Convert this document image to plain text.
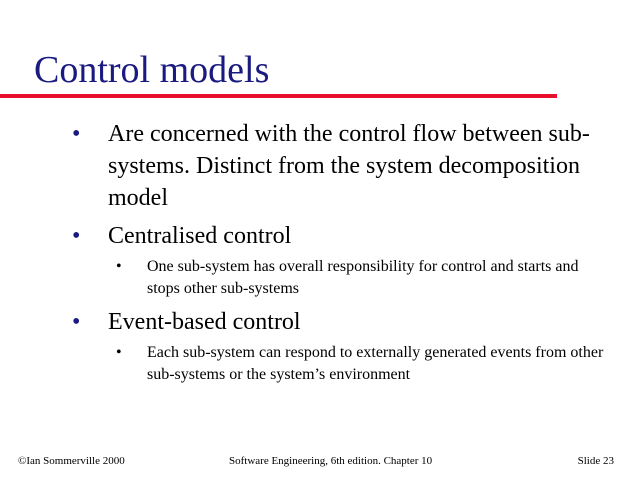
Control models
• Are concerned with the control flow between sub-systems. Distinct from the system decomposition model
• Centralised control
• One sub-system has overall responsibility for control and starts and stops other sub-systems
• Event-based control
• Each sub-system can respond to externally generated events from other sub-systems or the system’s environment
©Ian Sommerville 2000	Software Engineering, 6th edition. Chapter 10	Slide 23
